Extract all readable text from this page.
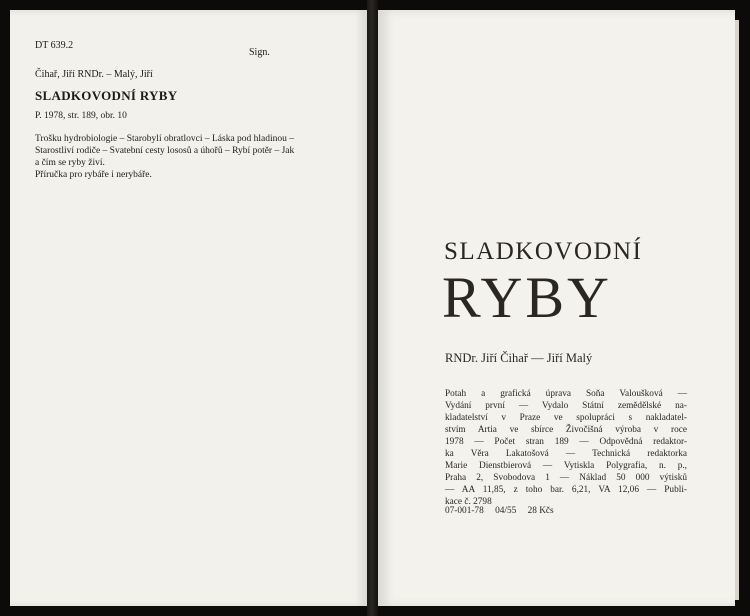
DT 639.2
Sign.
Čihař, Jiří RNDr. – Malý, Jiří
SLADKOVODNÍ RYBY
P. 1978, str. 189, obr. 10
Trošku hydrobiologie – Starobylí obratlovci – Láska pod hladinou –
Starostliví rodiče – Svatební cesty lososů a úhořů – Rybí potěr – Jak
a čím se ryby živí.
Příručka pro rybáře i nerybáře.
SLADKOVODNÍ
RYBY
RNDr. Jiří Čihař — Jiří Malý
Potah a grafická úprava Soňa Valoušková —
Vydání první — Vydalo Státní zemědělské na-
kladatelství v Praze ve spolupráci s nakladatel-
stvím Artia ve sbírce Živočišná výroba v roce
1978 — Počet stran 189 — Odpovědná redaktor-
ka Věra Lakatošová — Technická redaktorka
Marie Dienstbierová — Vytiskla Polygrafia, n. p.,
Praha 2, Svobodova 1 — Náklad 50 000 výtisků
— AA 11,85, z toho bar. 6,21, VA 12,06 — Publi-
kace č. 2798
07-001-78 04/55 28 Kčs
